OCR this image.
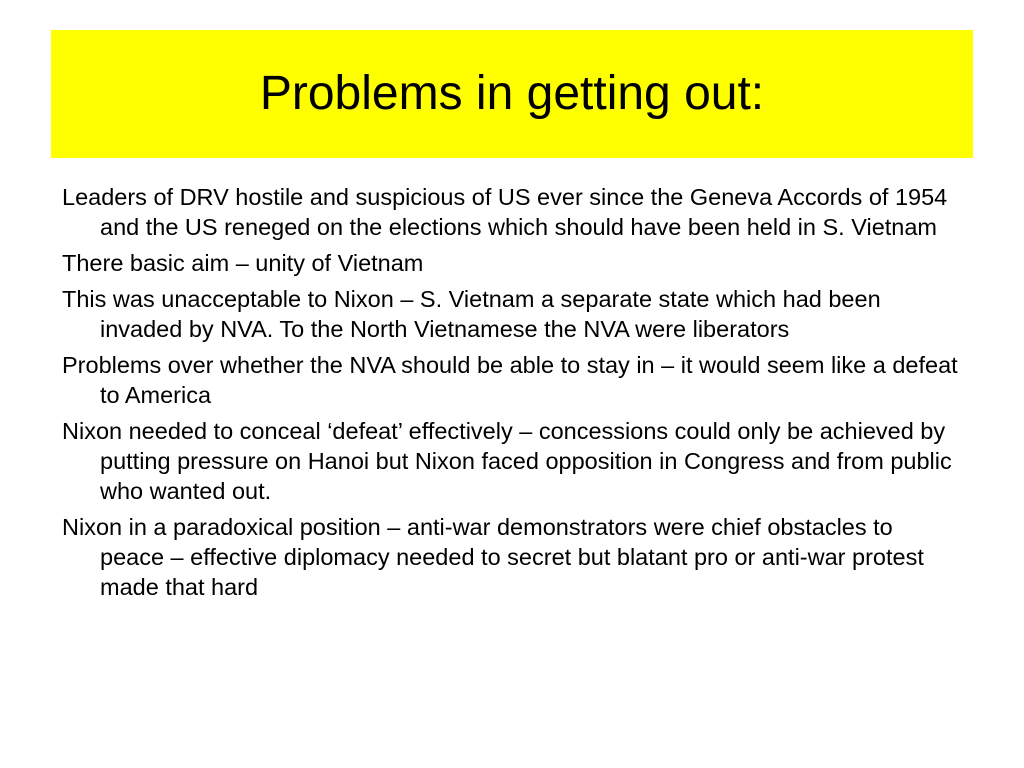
Problems in getting out:
Leaders of DRV hostile and suspicious of US ever since the Geneva Accords of 1954 and the US reneged on the elections which should have been held in S. Vietnam
There basic aim – unity of Vietnam
This was unacceptable to Nixon – S. Vietnam a separate state which had been invaded by NVA. To the North Vietnamese the NVA were liberators
Problems over whether the NVA should be able to stay in – it would seem like a defeat to America
Nixon needed to conceal ‘defeat’ effectively – concessions could only be achieved by putting pressure on Hanoi but Nixon faced opposition in Congress and from public who wanted out.
Nixon in a paradoxical position – anti-war demonstrators were chief obstacles to peace – effective diplomacy needed to secret but blatant pro or anti-war protest made that hard
